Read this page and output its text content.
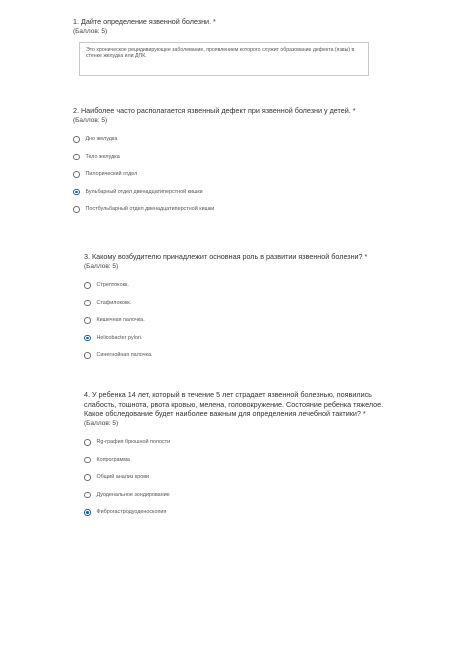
1. Дайте определение язвенной болезни. *
(Баллов: 5)
Это хроническое рецидивирующее заболевание, проявлением которого служит образование дефекта (язвы) в стенке желудка или ДПК.
2. Наиболее часто располагается язвенный дефект при язвенной болезни у детей. *
(Баллов: 5)
Дно желудка
Тело желудка
Пилорический отдел
Бульбарный отдел двенадцатиперстной кишки
Постбульбарный отдел двенадцатиперстной кишки
3. Какому возбудителю принадлежит основная роль в развитии язвенной болезни? *
(Баллов: 5)
Стрептококк.
Стафилококк.
Кишечная палочка.
Helicobacter pylori.
Синегнойная палочка.
4. У ребенка 14 лет, который в течение 5 лет страдает язвенной болезнью, появились слабость, тошнота, рвота кровью, мелена, головокружение. Состояние ребенка тяжелое. Какое обследование будет наиболее важным для определения лечебной тактики? *
(Баллов: 5)
Rg-графия брюшной полости
Копрограмма
Общий анализ крови
Дуоденальное зондирование
Фиброгастродуоденоскопия
